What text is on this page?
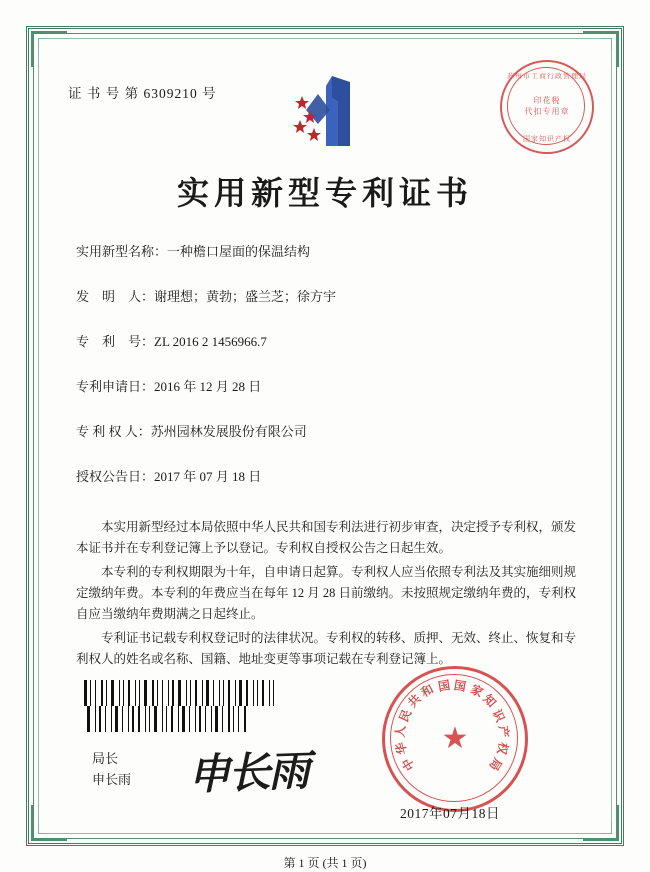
证 书 号 第 6309210 号
苏州市工商行政管理局
印花税
代扣专用章
国家知识产权
实用新型专利证书
实用新型名称：一种檐口屋面的保温结构
发　明　人：谢理想；黄勃；盛兰芝；徐方宇
专　利　号：ZL 2016 2 1456966.7
专利申请日：2016 年 12 月 28 日
专 利 权 人：苏州园林发展股份有限公司
授权公告日：2017 年 07 月 18 日

本实用新型经过本局依照中华人民共和国专利法进行初步审查，决定授予专利权，颁发本证书并在专利登记簿上予以登记。专利权自授权公告之日起生效。

本专利的专利权期限为十年，自申请日起算。专利权人应当依照专利法及其实施细则规定缴纳年费。本专利的年费应当在每年 12 月 28 日前缴纳。未按照规定缴纳年费的，专利权自应当缴纳年费期满之日起终止。

专利证书记载专利权登记时的法律状况。专利权的转移、质押、无效、终止、恢复和专利权人的姓名或名称、国籍、地址变更等事项记载在专利登记簿上。

★
中
华
人
民
共
和 国 国 家
知
识
产
权
局
局长
申长雨 申长雨
2017年07月18日
第 1 页 (共 1 页)
